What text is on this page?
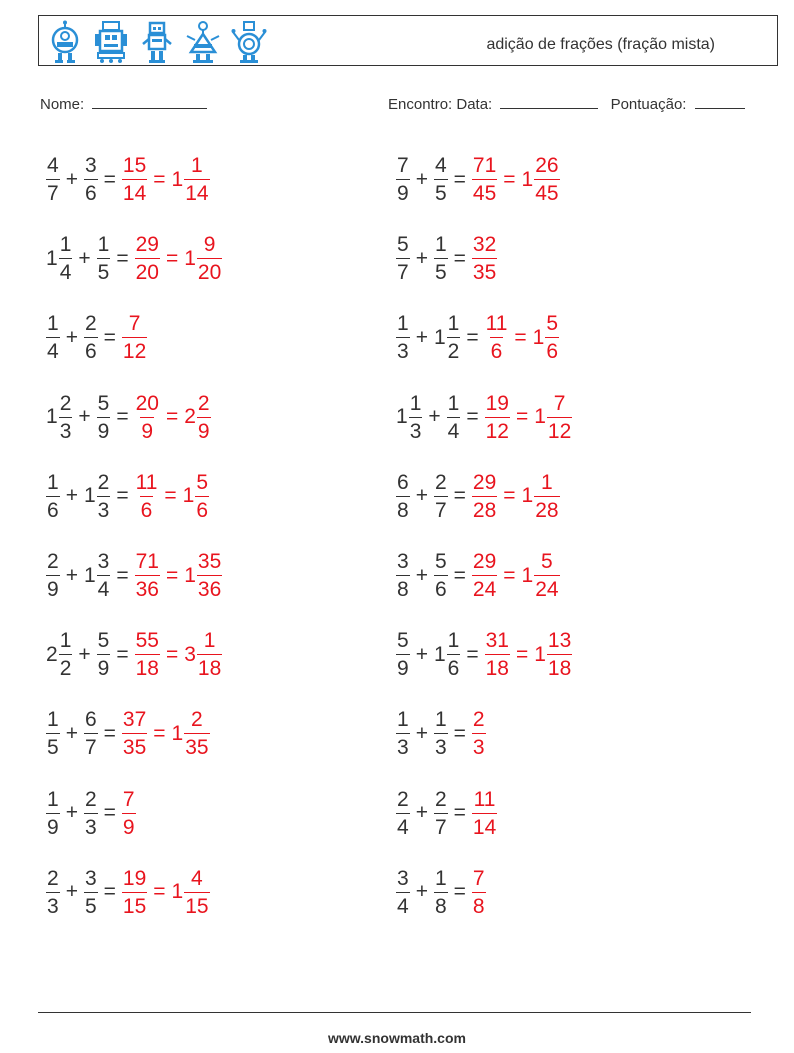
adição de frações (fração mista)
Nome:	Encontro: Data:	Pontuação:
$\frac{4}{7} + \frac{3}{6} = \frac{15}{14} = 1 \frac{1}{14}$
$1 \frac{1}{4} + \frac{1}{5} = \frac{29}{20} = 1 \frac{9}{20}$
$\frac{1}{4} + \frac{2}{6} = \frac{7}{12}$
$1 \frac{2}{3} + \frac{5}{9} = \frac{20}{9} = 2 \frac{2}{9}$
$\frac{1}{6} + 1 \frac{2}{3} = \frac{11}{6} = 1 \frac{5}{6}$
$\frac{2}{9} + 1 \frac{3}{4} = \frac{71}{36} = 1 \frac{35}{36}$
$2 \frac{1}{2} + \frac{5}{9} = \frac{55}{18} = 3 \frac{1}{18}$
$\frac{1}{5} + \frac{6}{7} = \frac{37}{35} = 1 \frac{2}{35}$
$\frac{1}{9} + \frac{2}{3} = \frac{7}{9}$
$\frac{2}{3} + \frac{3}{5} = \frac{19}{15} = 1 \frac{4}{15}$
$\frac{7}{9} + \frac{4}{5} = \frac{71}{45} = 1 \frac{26}{45}$
$\frac{5}{7} + \frac{1}{5} = \frac{32}{35}$
$\frac{1}{3} + 1 \frac{1}{2} = \frac{11}{6} = 1 \frac{5}{6}$
$1 \frac{1}{3} + \frac{1}{4} = \frac{19}{12} = 1 \frac{7}{12}$
$\frac{6}{8} + \frac{2}{7} = \frac{29}{28} = 1 \frac{1}{28}$
$\frac{3}{8} + \frac{5}{6} = \frac{29}{24} = 1 \frac{5}{24}$
$\frac{5}{9} + 1 \frac{1}{6} = \frac{31}{18} = 1 \frac{13}{18}$
$\frac{1}{3} + \frac{1}{3} = \frac{2}{3}$
$\frac{2}{4} + \frac{2}{7} = \frac{11}{14}$
$\frac{3}{4} + \frac{1}{8} = \frac{7}{8}$
www.snowmath.com
